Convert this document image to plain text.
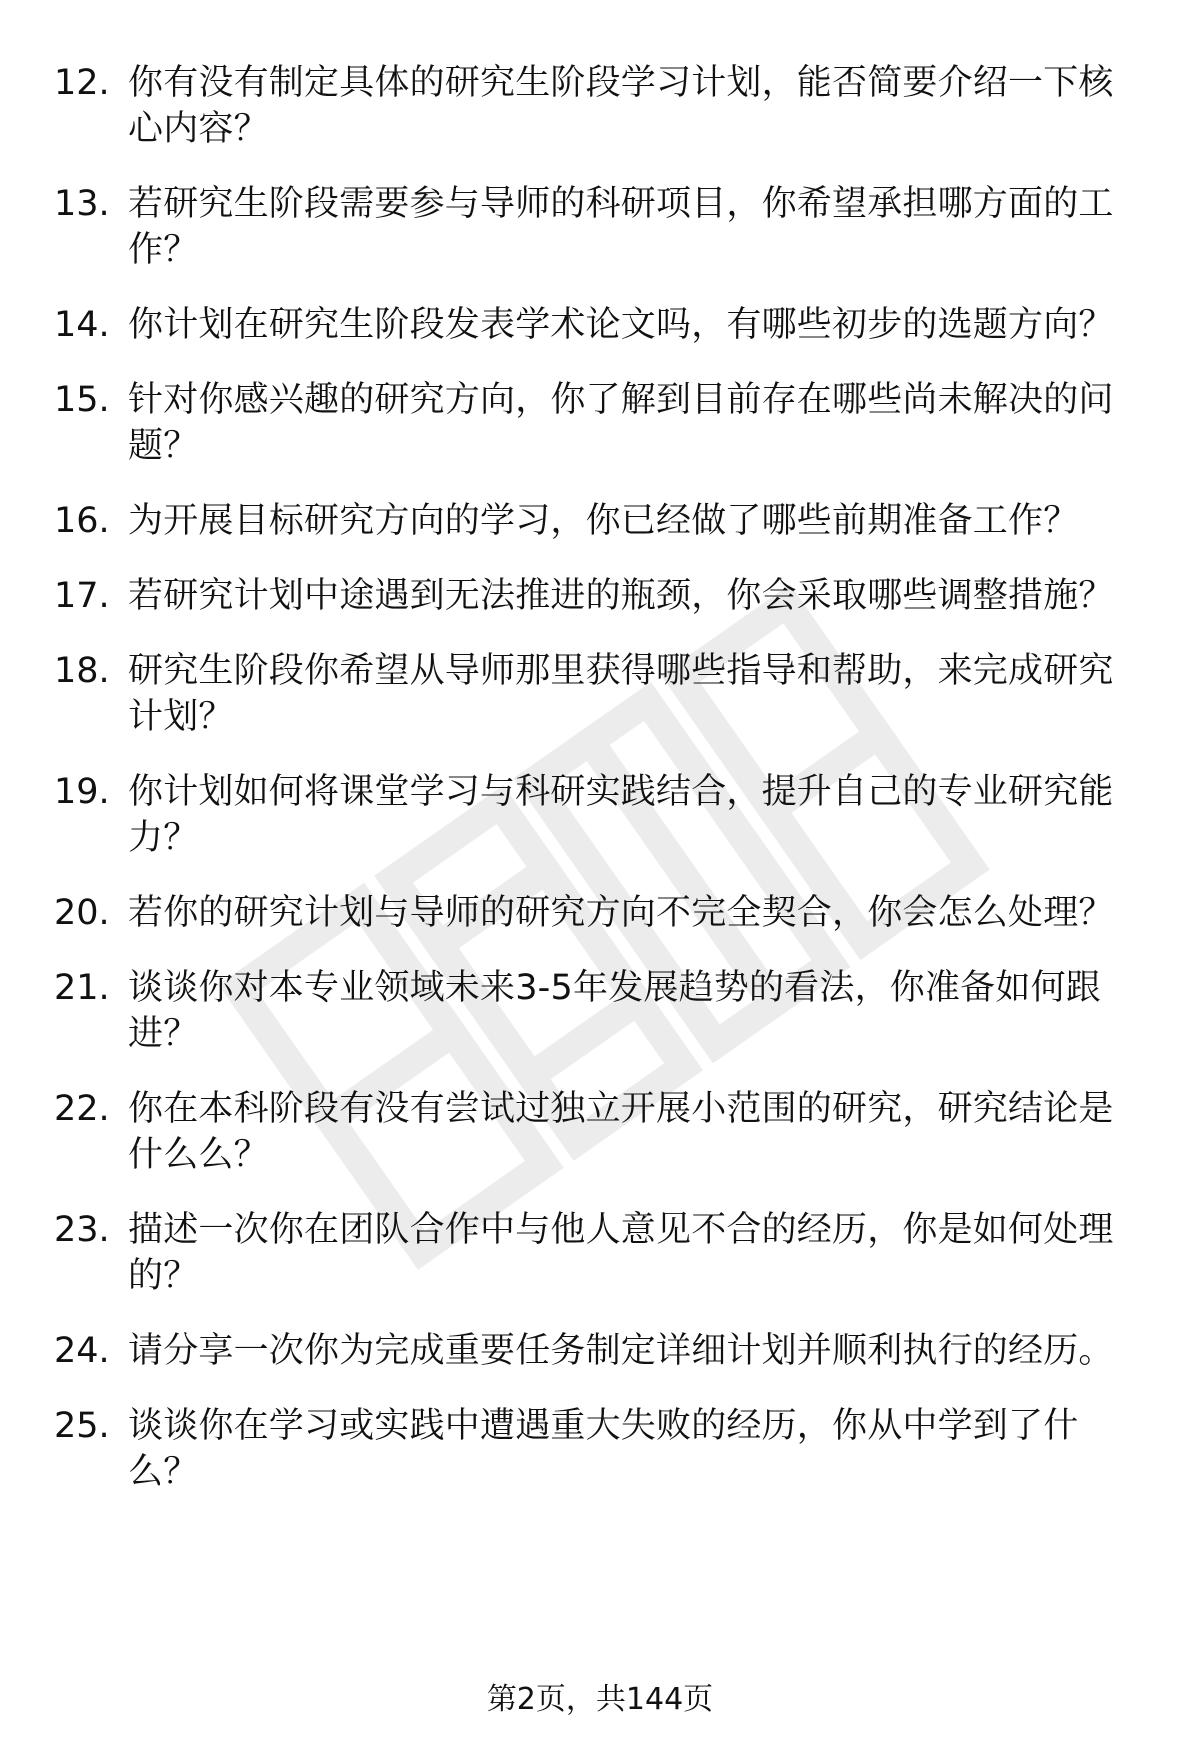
12. 你有没有制定具体的研究生阶段学习计划，能否简要介绍一下核心内容？
13. 若研究生阶段需要参与导师的科研项目，你希望承担哪方面的工作？
14. 你计划在研究生阶段发表学术论文吗，有哪些初步的选题方向？
15. 针对你感兴趣的研究方向，你了解到目前存在哪些尚未解决的问题？
16. 为开展目标研究方向的学习，你已经做了哪些前期准备工作？
17. 若研究计划中途遇到无法推进的瓶颈，你会采取哪些调整措施？
18. 研究生阶段你希望从导师那里获得哪些指导和帮助，来完成研究计划？
19. 你计划如何将课堂学习与科研实践结合，提升自己的专业研究能力？
20. 若你的研究计划与导师的研究方向不完全契合，你会怎么处理？
21. 谈谈你对本专业领域未来3-5年发展趋势的看法，你准备如何跟进？
22. 你在本科阶段有没有尝试过独立开展小范围的研究，研究结论是什么么？
23. 描述一次你在团队合作中与他人意见不合的经历，你是如何处理的？
24. 请分享一次你为完成重要任务制定详细计划并顺利执行的经历。
25. 谈谈你在学习或实践中遭遇重大失败的经历，你从中学到了什么？
第2页，共144页
